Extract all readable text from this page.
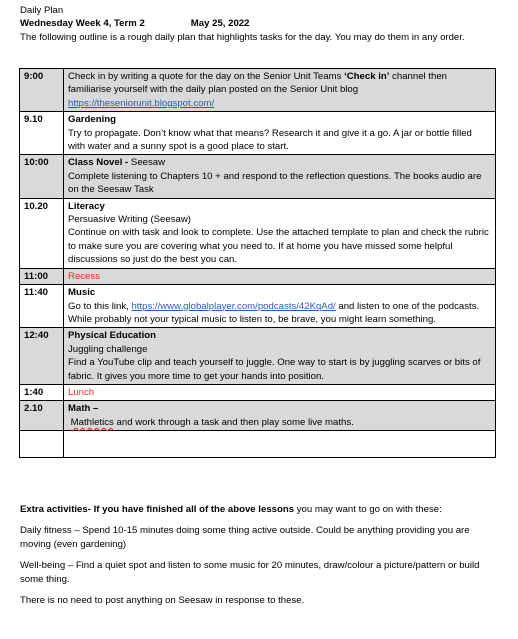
Daily Plan
Wednesday Week 4, Term 2	May 25, 2022
The following outline is a rough daily plan that highlights tasks for the day. You may do them in any order.
9:00	Check in by writing a quote for the day on the Senior Unit Teams ‘Check in’ channel then familiarise yourself with the daily plan posted on the Senior Unit blog https://theseniorunit.blogspot.com/
9.10	Gardening
Try to propagate. Don’t know what that means? Research it and give it a go. A jar or bottle filled with water and a sunny spot is a good place to start.

10:00	Class Novel - Seesaw
Complete listening to Chapters 10 + and respond to the reflection questions. The books audio are on the Seesaw Task

10.20	Literacy
Persuasive Writing (Seesaw)
Continue on with task and look to complete. Use the attached template to plan and check the rubric to make sure you are covering what you need to. If at home you have missed some helpful discussions so just do the best you can.

11:00	Recess
11:40	Music
Go to this link, https://www.globalplayer.com/podcasts/42KqAd/ and listen to one of the podcasts. While probably not your typical music to listen to, be brave, you might learn something.

12:40	Physical Education
Juggling challenge
Find a YouTube clip and teach yourself to juggle. One way to start is by juggling scarves or bits of fabric. It gives you more time to get your hands into position.

1:40	Lunch
2.10	Math –
Mathletics and work through a task and then play some live maths.

Extra activities- If you have finished all of the above lessons you may want to go on with these:

Daily fitness – Spend 10-15 minutes doing some thing active outside. Could be anything providing you are moving (even gardening)

Well-being – Find a quiet spot and listen to some music for 20 minutes, draw/colour a picture/pattern or build some thing.

There is no need to post anything on Seesaw in response to these.
